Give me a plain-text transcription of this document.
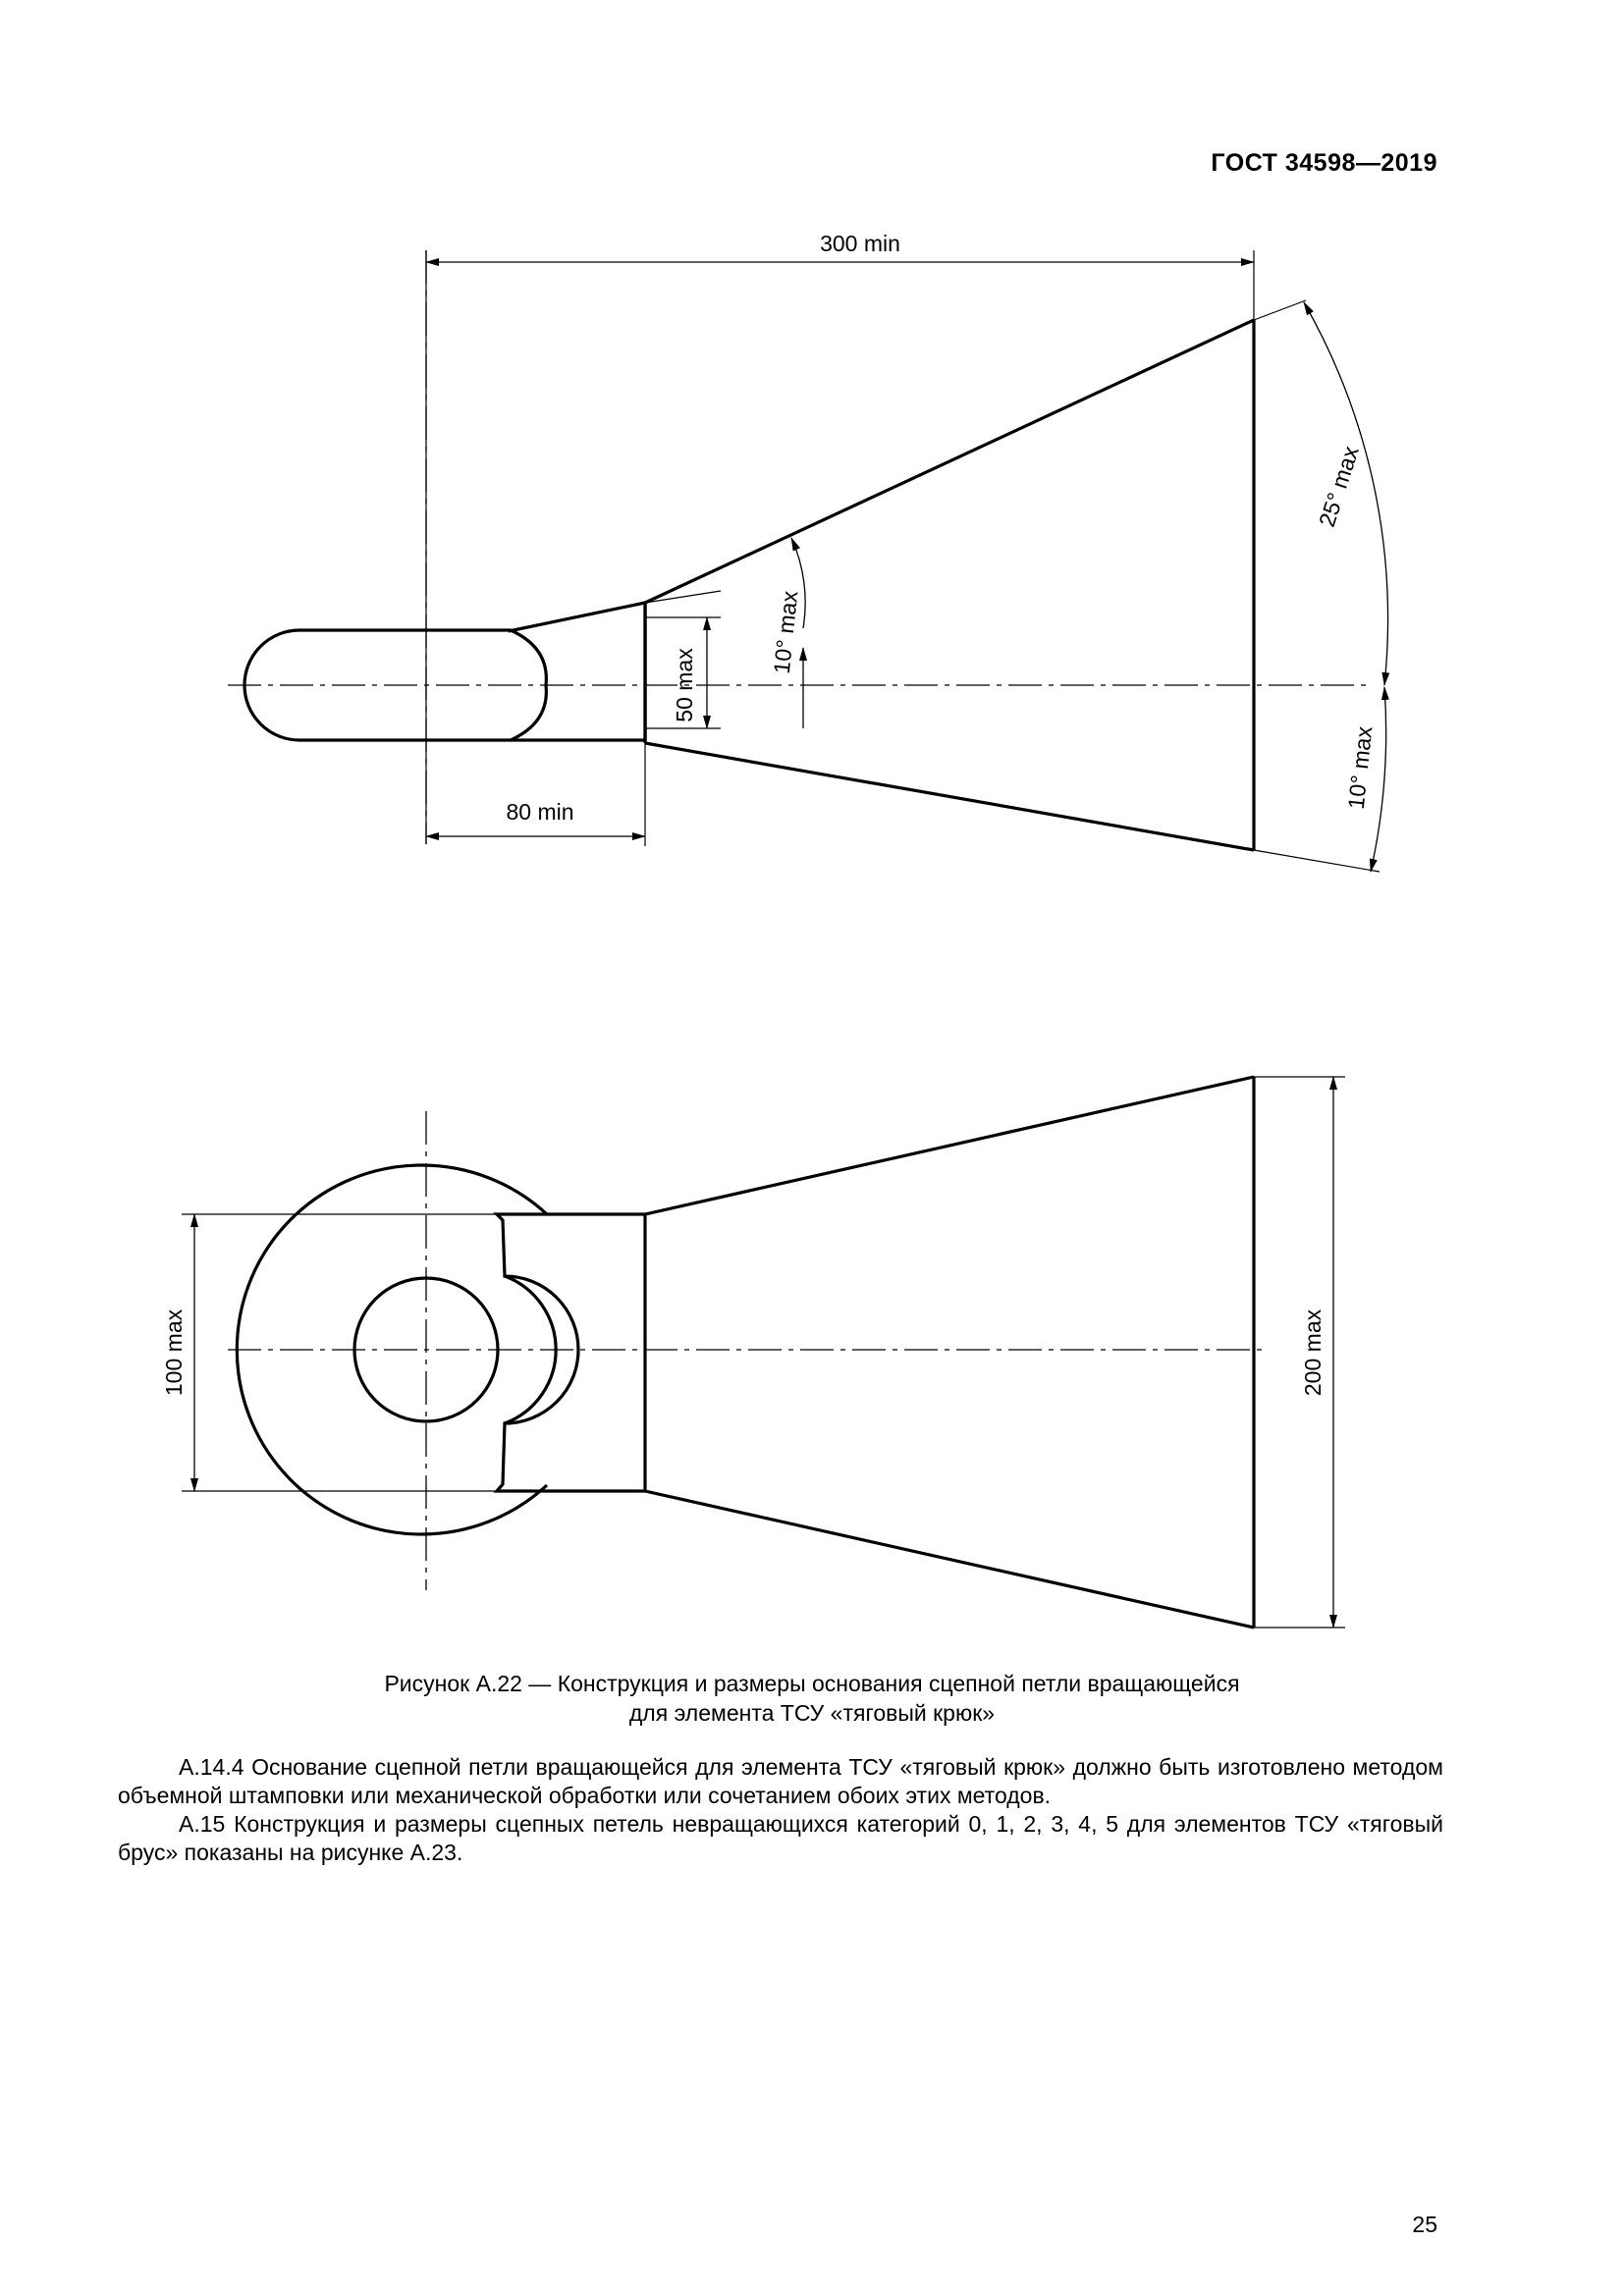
ГОСТ 34598—2019
300 min
80 min
50 max
10° max
25° max
10° max
100 max	200 max
Рисунок А.22 — Конструкция и размеры основания сцепной петли вращающейся
для элемента ТСУ «тяговый крюк»

А.14.4 Основание сцепной петли вращающейся для элемента ТСУ «тяговый крюк» должно быть изготовлено методом объемной штамповки или механической обработки или сочетанием обоих этих методов.

А.15 Конструкция и размеры сцепных петель невращающихся категорий 0, 1, 2, 3, 4, 5 для элементов ТСУ «тяговый брус» показаны на рисунке А.23.

25
